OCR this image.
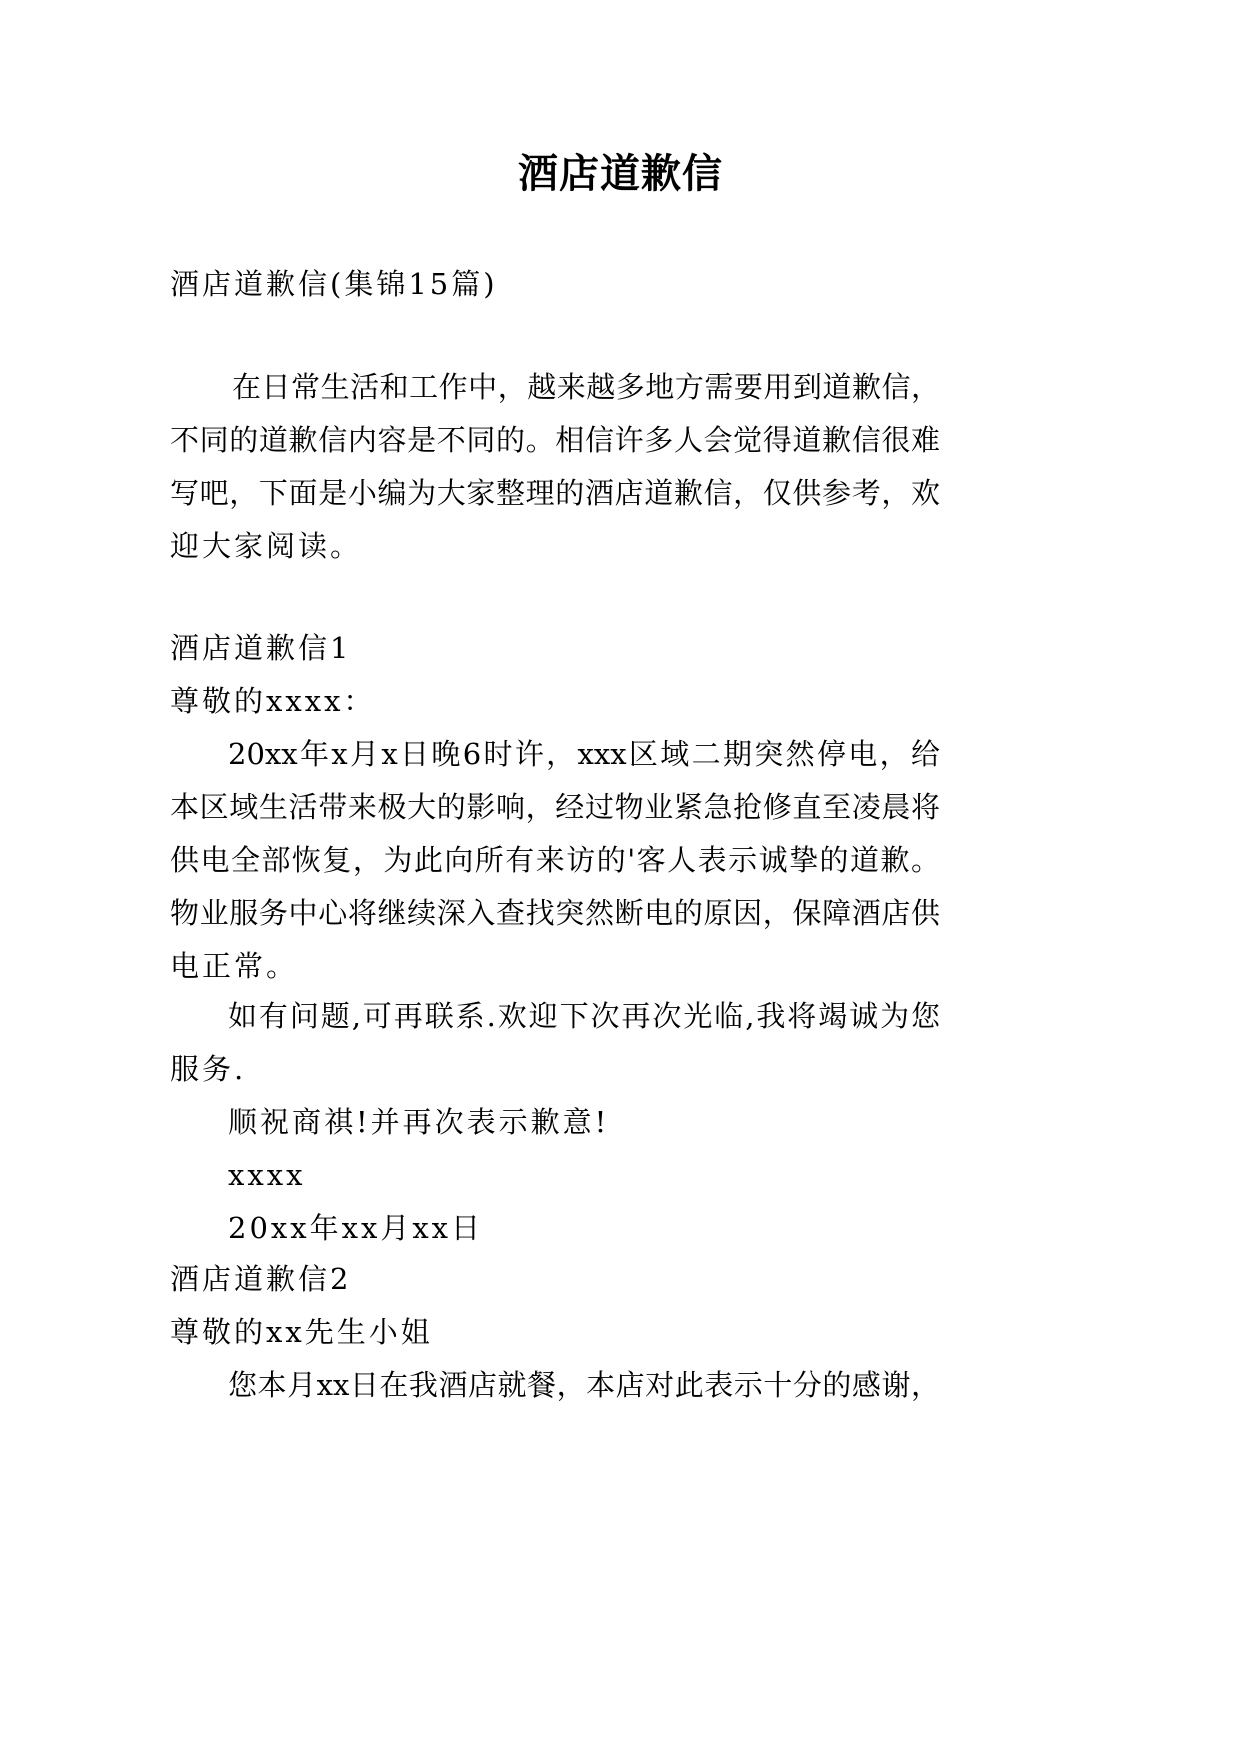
酒店道歉信
酒店道歉信(集锦15篇)
在日常生活和工作中，越来越多地方需要用到道歉信，
不同的道歉信内容是不同的。相信许多人会觉得道歉信很难
写吧，下面是小编为大家整理的酒店道歉信，仅供参考，欢
迎大家阅读。
酒店道歉信1
尊敬的xxxx：
20xx年x月x日晚6时许，xxx区域二期突然停电，给
本区域生活带来极大的影响，经过物业紧急抢修直至凌晨将
供电全部恢复，为此向所有来访的'客人表示诚挚的道歉。
物业服务中心将继续深入查找突然断电的原因，保障酒店供
电正常。
如有问题,可再联系.欢迎下次再次光临,我将竭诚为您
服务.
顺祝商祺!并再次表示歉意!
xxxx
20xx年xx月xx日
酒店道歉信2
尊敬的xx先生小姐
您本月xx日在我酒店就餐，本店对此表示十分的感谢，
